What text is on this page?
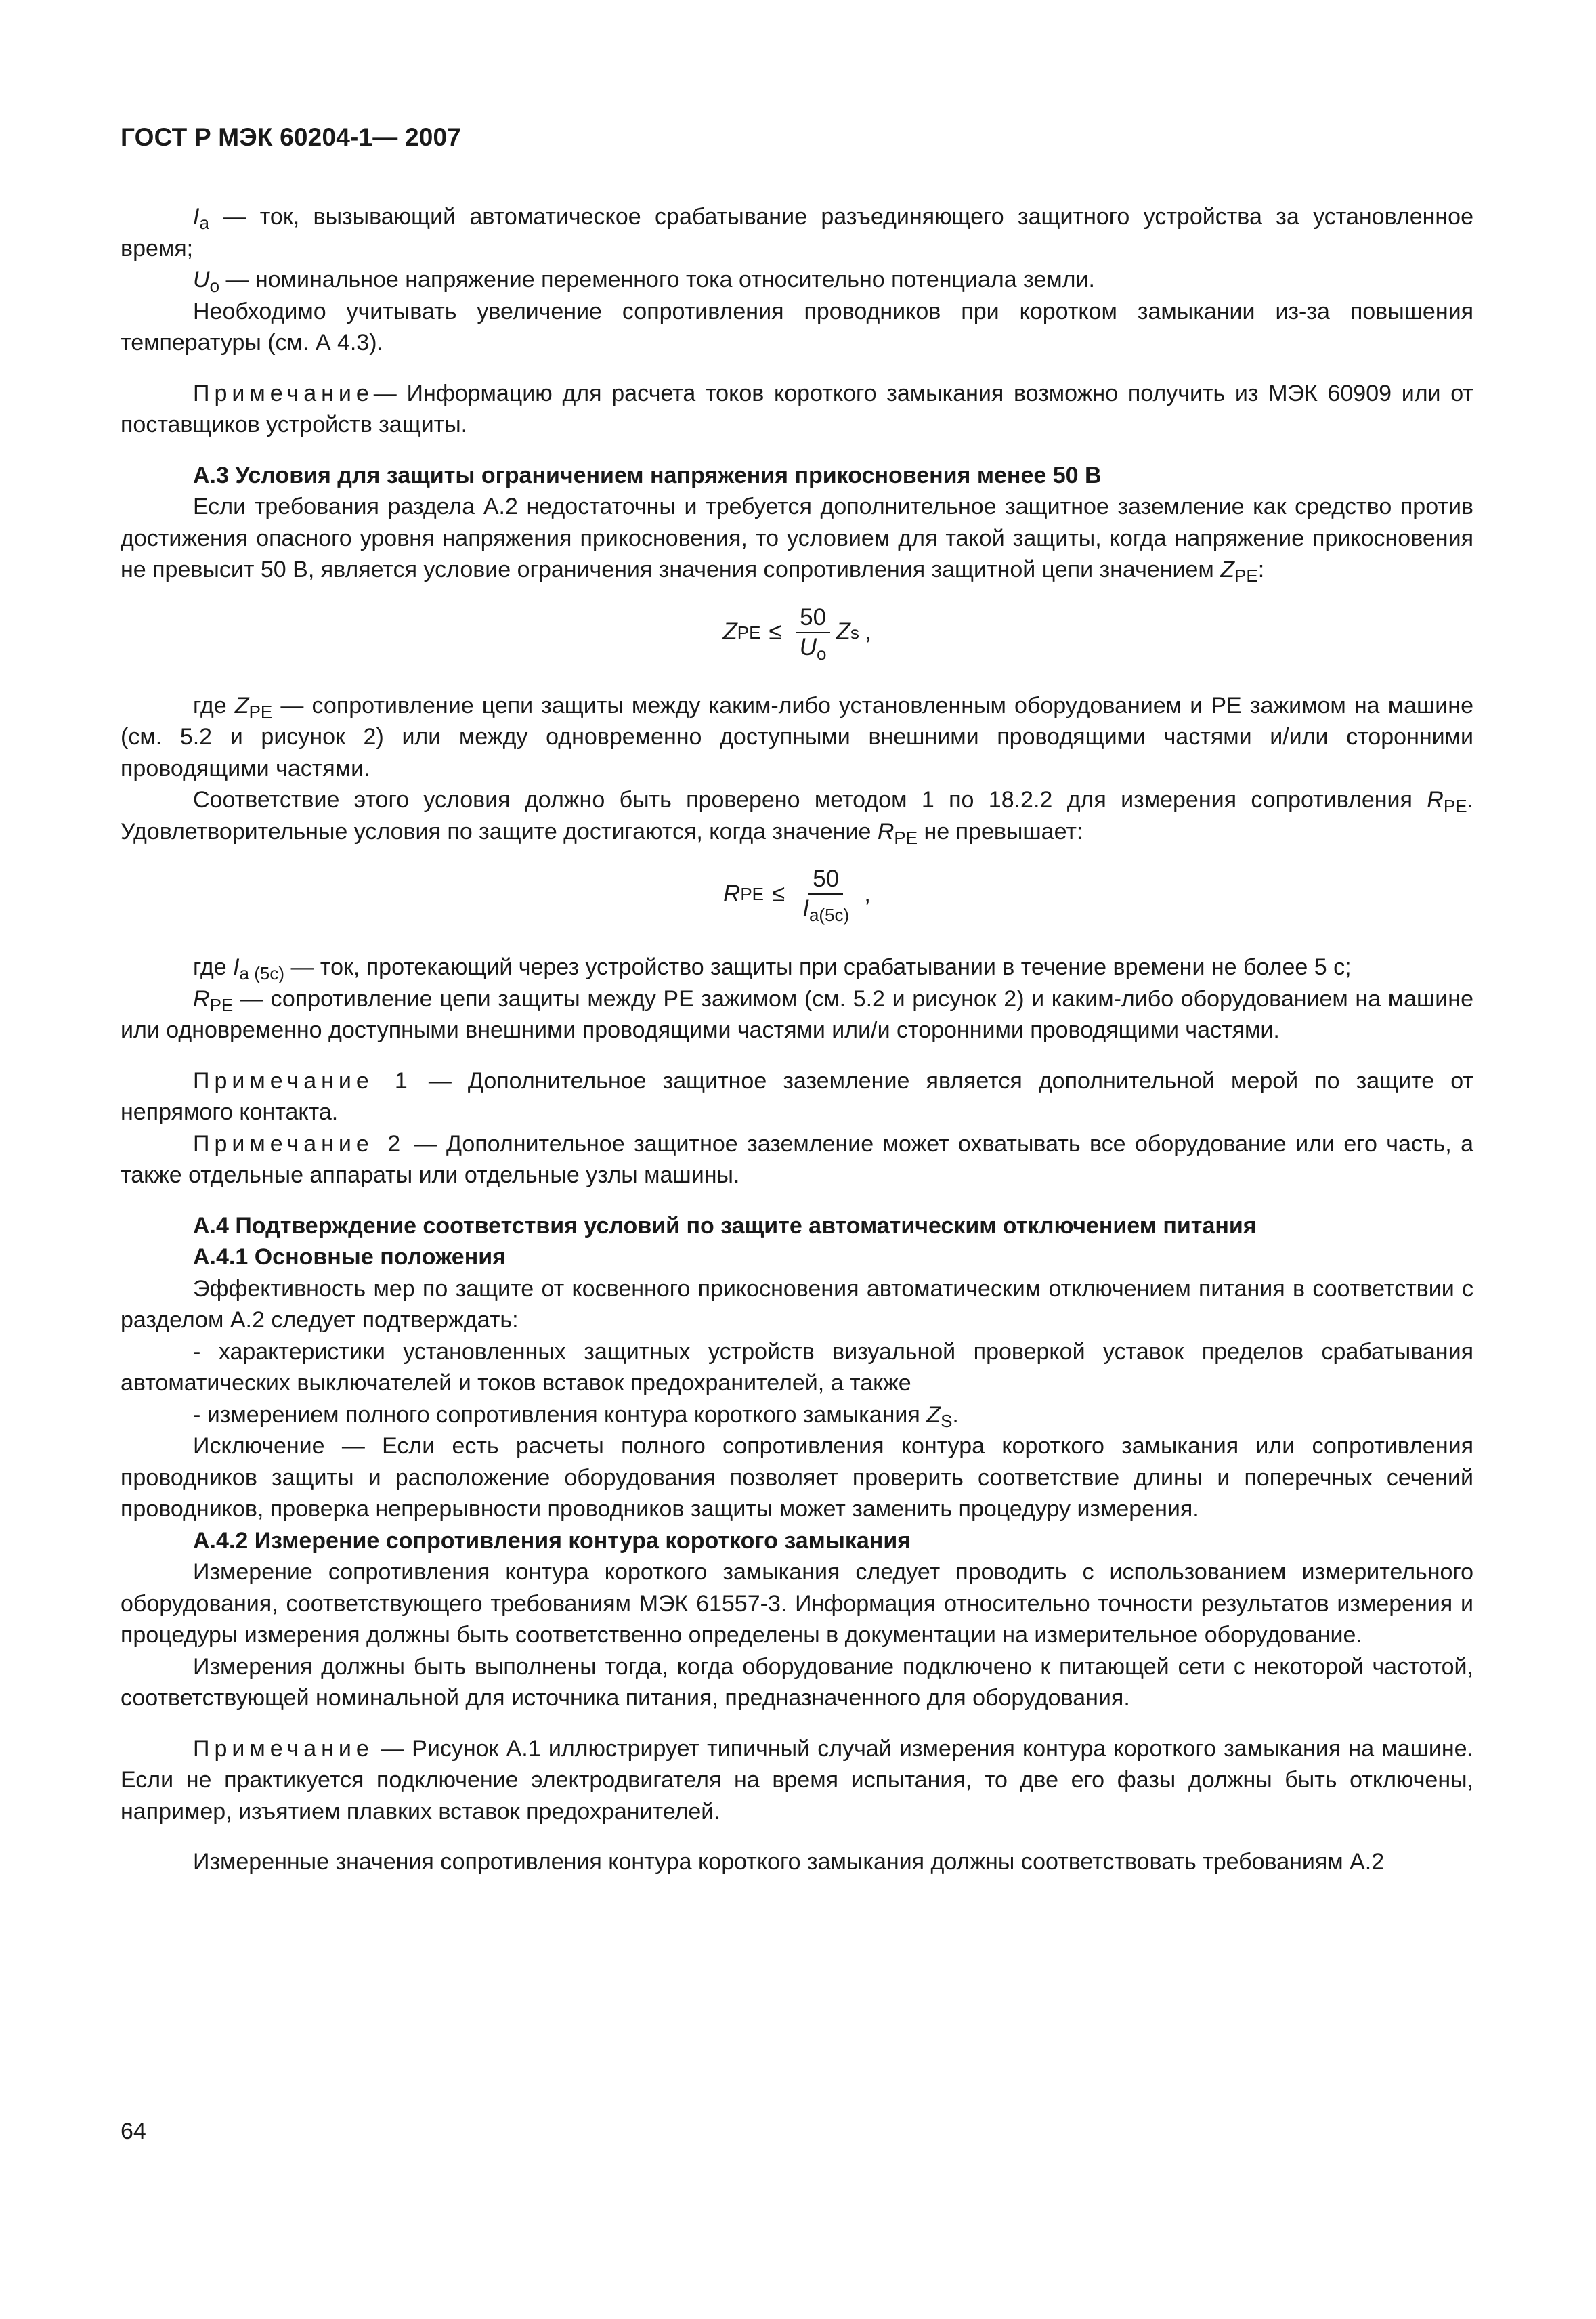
ГОСТ Р МЭК 60204-1— 2007

$I_a$ — ток, вызывающий автоматическое срабатывание разъединяющего защитного устройства за установленное время;

$U_o$ — номинальное напряжение переменного тока относительно потенциала земли.

Необходимо учитывать увеличение сопротивления проводников при коротком замыкании из-за повышения температуры (см. А 4.3).

Примечание— Информацию для расчета токов короткого замыкания возможно получить из МЭК 60909 или от поставщиков устройств защиты.

А.3 Условия для защиты ограничением напряжения прикосновения менее 50 В

Если требования раздела А.2 недостаточны и требуется дополнительное защитное заземление как средство против достижения опасного уровня напряжения прикосновения, то условием для такой защиты, когда напряжение прикосновения не превысит 50 В, является условие ограничения значения сопротивления защитной цепи значением $Z_{PE}$:

Z PE ≤ $\frac{50}{U_o}$ Z s ,

где $Z_{PE}$ — сопротивление цепи защиты между каким-либо установленным оборудованием и PE зажимом на машине (см. 5.2 и рисунок 2) или между одновременно доступными внешними проводящими частями и/или сторонними проводящими частями.

Соответствие этого условия должно быть проверено методом 1 по 18.2.2 для измерения сопротивления $R_{PE}$. Удовлетворительные условия по защите достигаются, когда значение $R_{PE}$ не превышает:

R PE ≤ $\frac{50}{I_{a(5c)}}$ ,

где $I_{a (5c)}$ — ток, протекающий через устройство защиты при срабатывании в течение времени не более 5 с;

$R_{PE}$ — сопротивление цепи защиты между PE зажимом (см. 5.2 и рисунок 2) и каким-либо оборудованием на машине или одновременно доступными внешними проводящими частями или/и сторонними проводящими частями.

Примечание 1 — Дополнительное защитное заземление является дополнительной мерой по защите от непрямого контакта.

Примечание 2 — Дополнительное защитное заземление может охватывать все оборудование или его часть, а также отдельные аппараты или отдельные узлы машины.

А.4 Подтверждение соответствия условий по защите автоматическим отключением питания

А.4.1 Основные положения

Эффективность мер по защите от косвенного прикосновения автоматическим отключением питания в соответствии с разделом А.2 следует подтверждать:

- характеристики установленных защитных устройств визуальной проверкой уставок пределов срабатывания автоматических выключателей и токов вставок предохранителей, а также

- измерением полного сопротивления контура короткого замыкания $Z_S$.

Исключение — Если есть расчеты полного сопротивления контура короткого замыкания или сопротивления проводников защиты и расположение оборудования позволяет проверить соответствие длины и поперечных сечений проводников, проверка непрерывности проводников защиты может заменить процедуру измерения.

А.4.2 Измерение сопротивления контура короткого замыкания

Измерение сопротивления контура короткого замыкания следует проводить с использованием измерительного оборудования, соответствующего требованиям МЭК 61557-3. Информация относительно точности результатов измерения и процедуры измерения должны быть соответственно определены в документации на измерительное оборудование.

Измерения должны быть выполнены тогда, когда оборудование подключено к питающей сети с некоторой частотой, соответствующей номинальной для источника питания, предназначенного для оборудования.

Примечание — Рисунок А.1 иллюстрирует типичный случай измерения контура короткого замыкания на машине. Если не практикуется подключение электродвигателя на время испытания, то две его фазы должны быть отключены, например, изъятием плавких вставок предохранителей.

Измеренные значения сопротивления контура короткого замыкания должны соответствовать требованиям А.2

64
